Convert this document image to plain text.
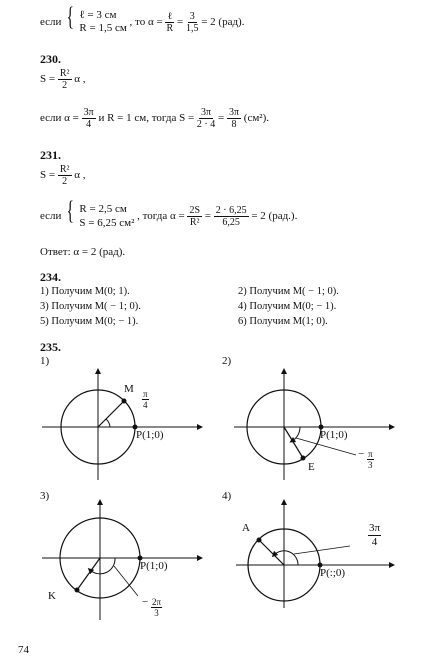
если { ℓ = 3 см
R = 1,5 см
, то $\alpha = \frac{\text{ℓ}}{R} = \frac{3}{1,5} = 2$ (рад).
230.
$S = \frac{\text{R²}}{2}$ α ,
если $\alpha = \frac{3\pi}{4}$ и R = 1 см, тогда $S = \frac{3\pi}{2 \cdot 4} = \frac{3\pi}{8} (см^2)$.
231.
$S = \frac{\text{R²}}{2}$ α ,
если { R = 2,5 см
S = 6,25 см²
, тогда $\alpha = \frac{2S}{\text{R²}} = \frac{2 \cdot 6,25}{6,25} = 2$ (рад.).
Ответ: α = 2 (рад).
234.
1) Получим M(0; 1).	2) Получим M( − 1; 0).
3) Получим M( − 1; 0).	4) Получим M(0; − 1).
5) Получим M(0; − 1).	6) Получим M(1; 0).
235.
1)
M
P(1;0)
$\frac{\pi}{4}$
2)
E
P(1;0)
− $\frac{\pi}{3}$
3)
K
P(1;0)
− $\frac{2\pi}{3}$
4)
A
P(:;0)
$\frac{3\pi}{4}$
74
